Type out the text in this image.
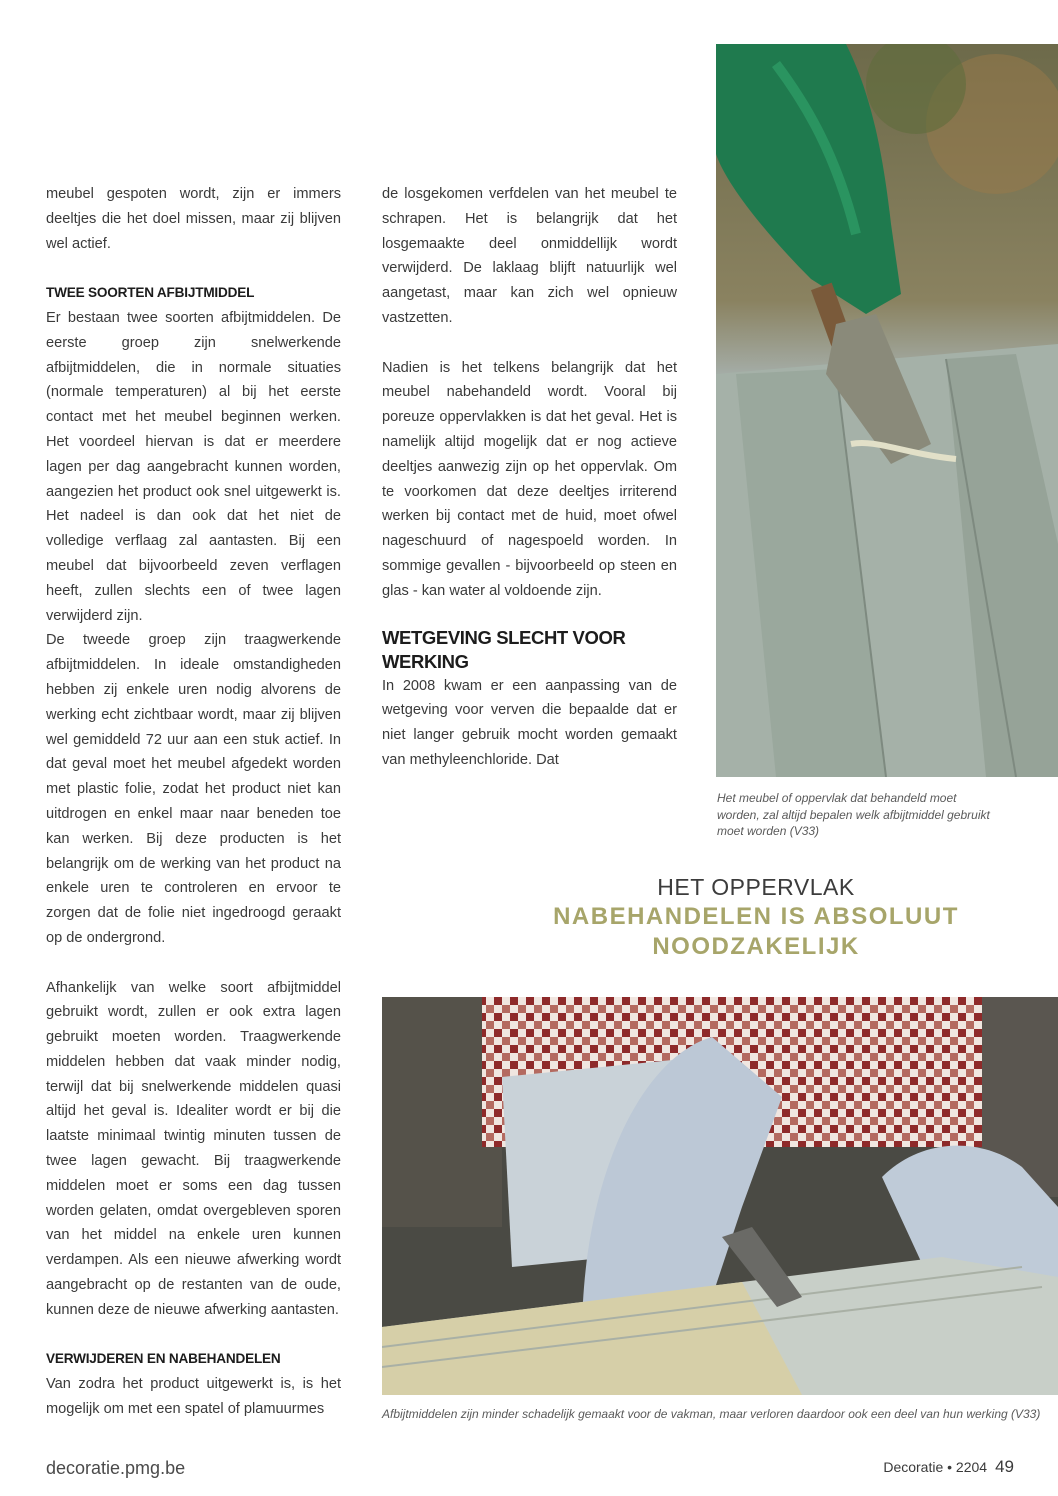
meubel gespoten wordt, zijn er immers deeltjes die het doel missen, maar zij blijven wel actief.

TWEE SOORTEN AFBIJTMIDDEL

Er bestaan twee soorten afbijtmiddelen. De eerste groep zijn snelwerkende afbijtmiddelen, die in normale situaties (normale temperaturen) al bij het eerste contact met het meubel beginnen werken. Het voordeel hiervan is dat er meerdere lagen per dag aangebracht kunnen worden, aangezien het product ook snel uitgewerkt is. Het nadeel is dan ook dat het niet de volledige verflaag zal aantasten. Bij een meubel dat bijvoorbeeld zeven verflagen heeft, zullen slechts een of twee lagen verwijderd zijn.

De tweede groep zijn traagwerkende afbijtmiddelen. In ideale omstandigheden hebben zij enkele uren nodig alvorens de werking echt zichtbaar wordt, maar zij blijven wel gemiddeld 72 uur aan een stuk actief. In dat geval moet het meubel afgedekt worden met plastic folie, zodat het product niet kan uitdrogen en enkel maar naar beneden toe kan werken. Bij deze producten is het belangrijk om de werking van het product na enkele uren te controleren en ervoor te zorgen dat de folie niet ingedroogd geraakt op de ondergrond.

Afhankelijk van welke soort afbijtmiddel gebruikt wordt, zullen er ook extra lagen gebruikt moeten worden. Traagwerkende middelen hebben dat vaak minder nodig, terwijl dat bij snelwerkende middelen quasi altijd het geval is. Idealiter wordt er bij die laatste minimaal twintig minuten tussen de twee lagen gewacht. Bij traagwerkende middelen moet er soms een dag tussen worden gelaten, omdat overgebleven sporen van het middel na enkele uren kunnen verdampen. Als een nieuwe afwerking wordt aangebracht op de restanten van de oude, kunnen deze de nieuwe afwerking aantasten.

VERWIJDEREN EN NABEHANDELEN

Van zodra het product uitgewerkt is, is het mogelijk om met een spatel of plamuurmes

de losgekomen verfdelen van het meubel te schrapen. Het is belangrijk dat het losgemaakte deel onmiddellijk wordt verwijderd. De laklaag blijft natuurlijk wel aangetast, maar kan zich wel opnieuw vastzetten.

Nadien is het telkens belangrijk dat het meubel nabehandeld wordt. Vooral bij poreuze oppervlakken is dat het geval. Het is namelijk altijd mogelijk dat er nog actieve deeltjes aanwezig zijn op het oppervlak. Om te voorkomen dat deze deeltjes irriterend werken bij contact met de huid, moet ofwel nageschuurd of nagespoeld worden. In sommige gevallen - bijvoorbeeld op steen en glas - kan water al voldoende zijn.

WETGEVING SLECHT VOOR WERKING

In 2008 kwam er een aanpassing van de wetgeving voor verven die bepaalde dat er niet langer gebruik mocht worden gemaakt van methyleenchloride. Dat

Het meubel of oppervlak dat behandeld moet worden, zal altijd bepalen welk afbijtmiddel gebruikt moet worden (V33)
HET OPPERVLAK
NABEHANDELEN IS ABSOLUUT
NOODZAKELIJK
Afbijtmiddelen zijn minder schadelijk gemaakt voor de vakman, maar verloren daardoor ook een deel van hun werking (V33)
decoratie.pmg.be	Decoratie • 2204 49
